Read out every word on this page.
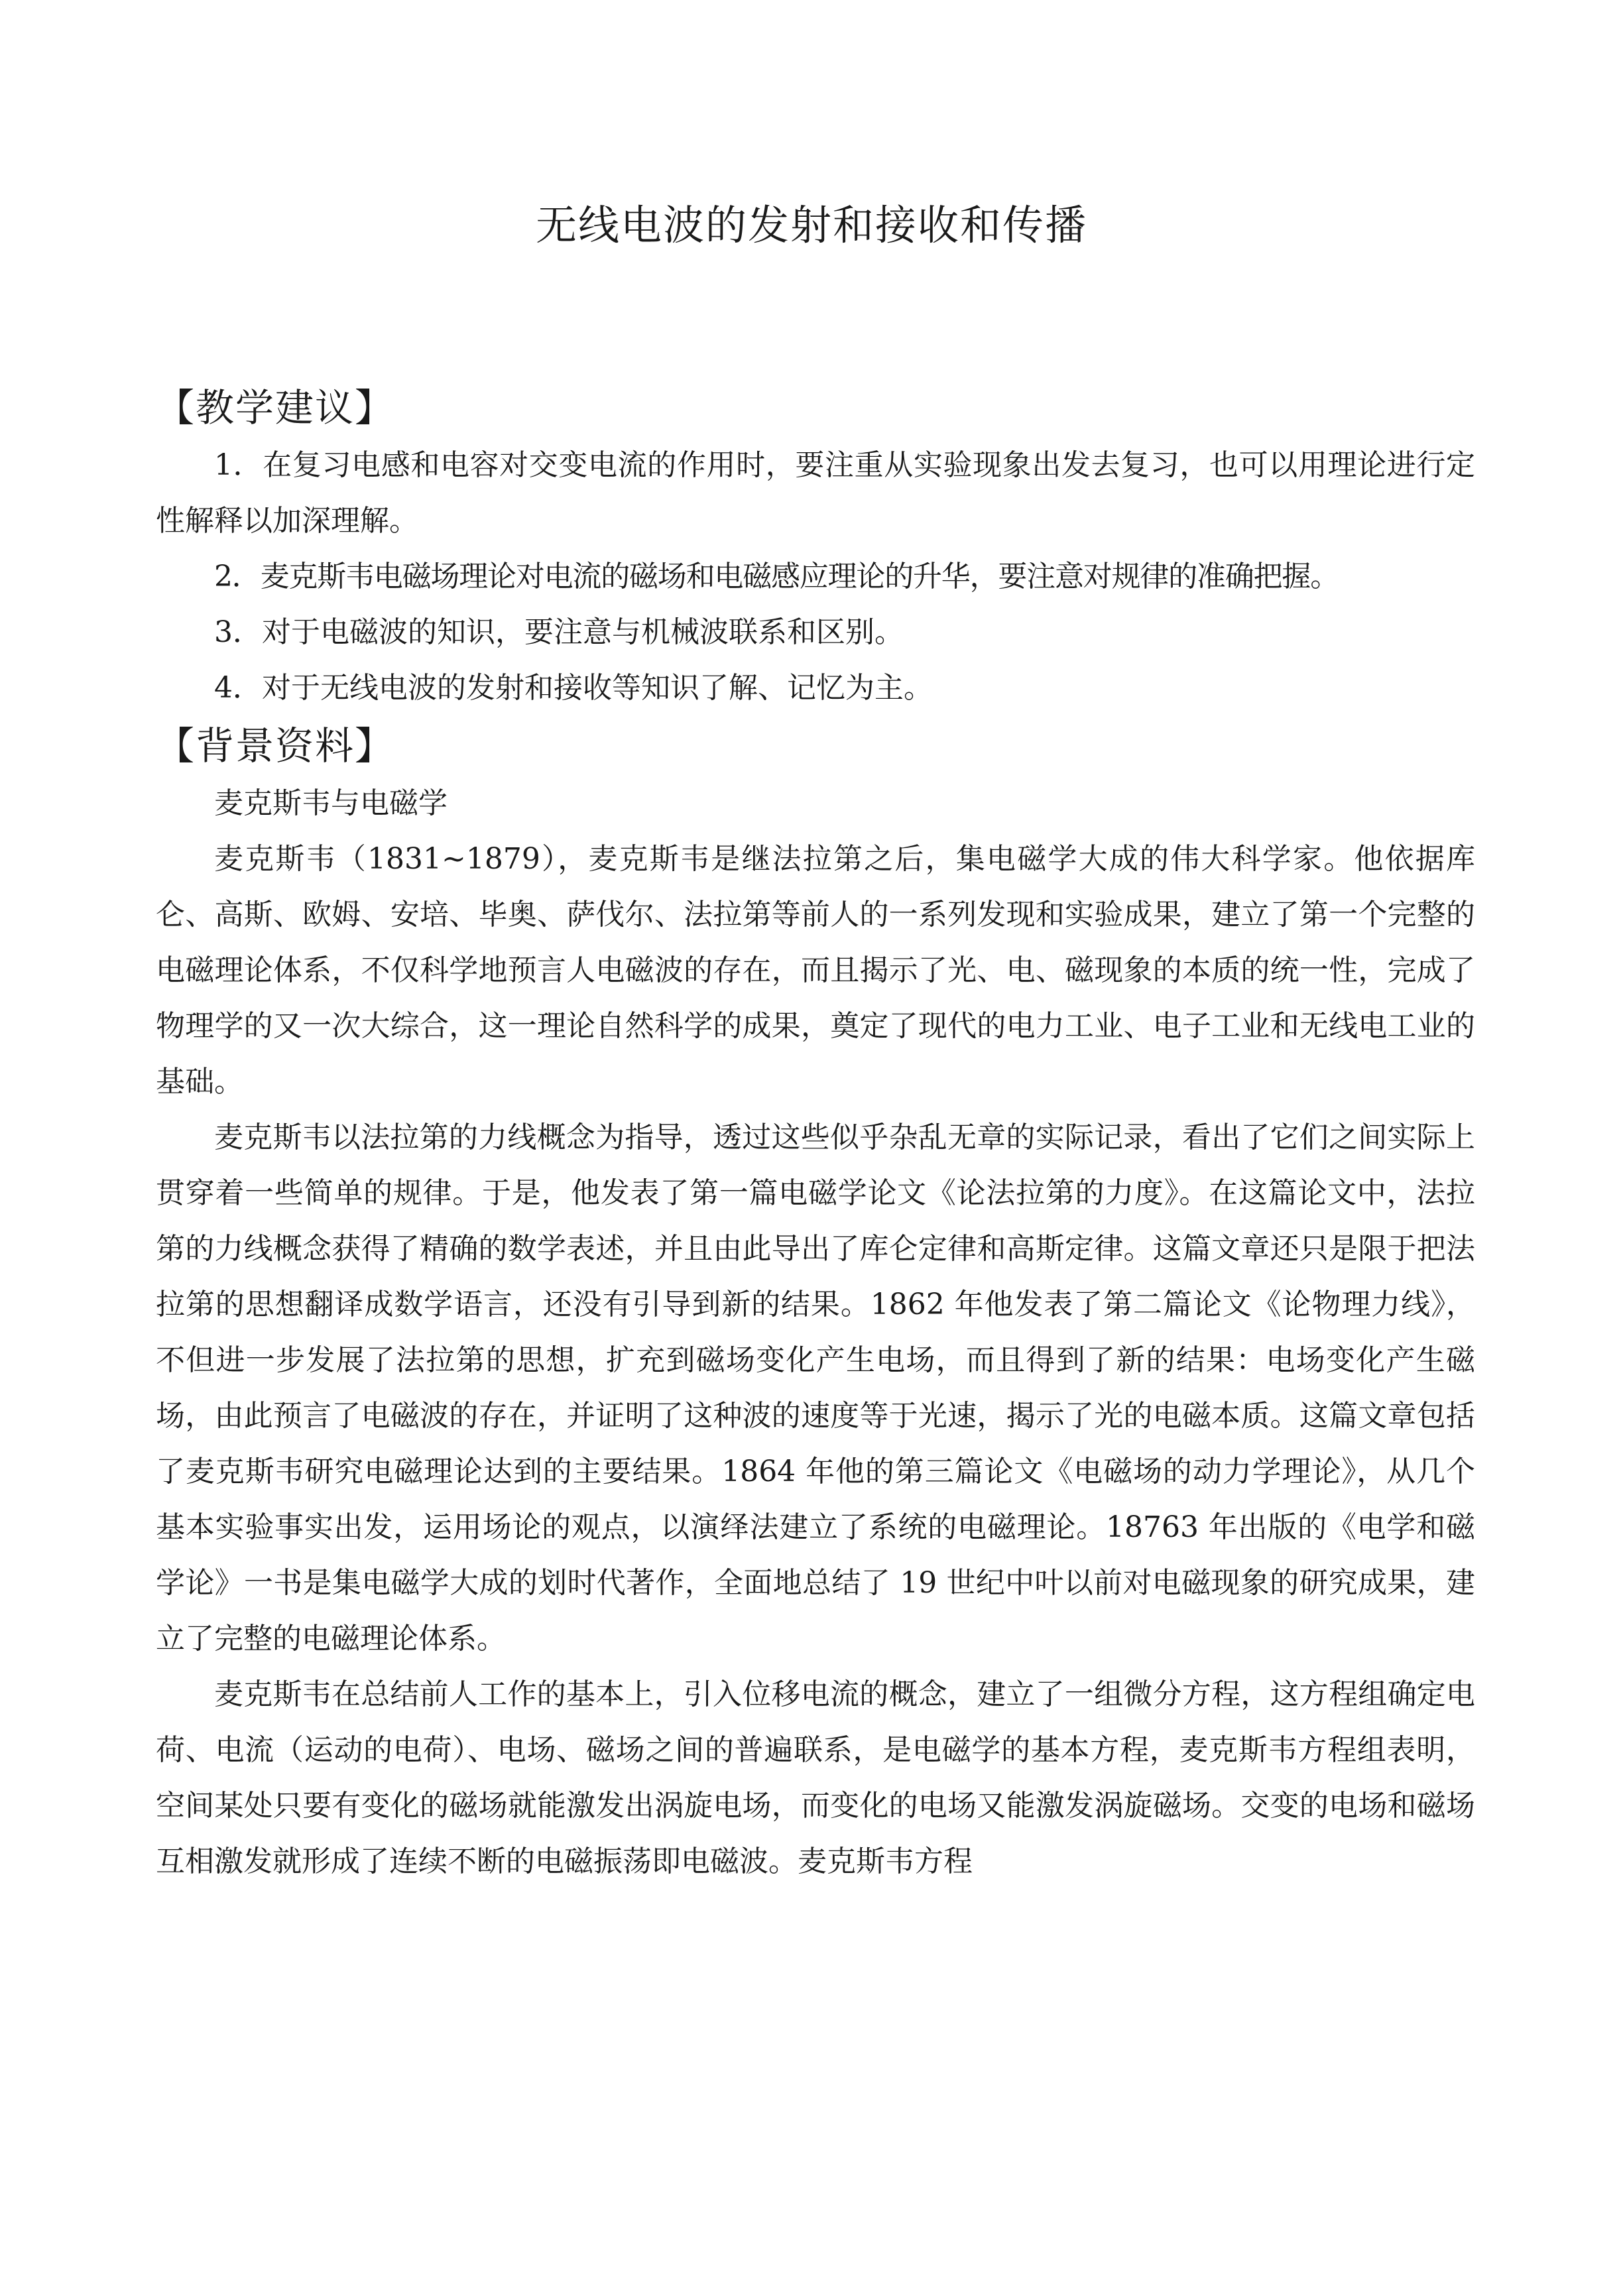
无线电波的发射和接收和传播
【教学建议】

1．在复习电感和电容对交变电流的作用时，要注重从实验现象出发去复习，也可以用理论进行定性解释以加深理解。

2．麦克斯韦电磁场理论对电流的磁场和电磁感应理论的升华，要注意对规律的准确把握。

3．对于电磁波的知识，要注意与机械波联系和区别。

4．对于无线电波的发射和接收等知识了解、记忆为主。

【背景资料】

麦克斯韦与电磁学

麦克斯韦（1831~1879），麦克斯韦是继法拉第之后，集电磁学大成的伟大科学家。他依据库仑、高斯、欧姆、安培、毕奥、萨伐尔、法拉第等前人的一系列发现和实验成果，建立了第一个完整的电磁理论体系，不仅科学地预言人电磁波的存在，而且揭示了光、电、磁现象的本质的统一性，完成了物理学的又一次大综合，这一理论自然科学的成果，奠定了现代的电力工业、电子工业和无线电工业的基础。

麦克斯韦以法拉第的力线概念为指导，透过这些似乎杂乱无章的实际记录，看出了它们之间实际上贯穿着一些简单的规律。于是，他发表了第一篇电磁学论文《论法拉第的力度》。在这篇论文中，法拉第的力线概念获得了精确的数学表述，并且由此导出了库仑定律和高斯定律。这篇文章还只是限于把法拉第的思想翻译成数学语言，还没有引导到新的结果。1862 年他发表了第二篇论文《论物理力线》，不但进一步发展了法拉第的思想，扩充到磁场变化产生电场，而且得到了新的结果：电场变化产生磁场，由此预言了电磁波的存在，并证明了这种波的速度等于光速，揭示了光的电磁本质。这篇文章包括了麦克斯韦研究电磁理论达到的主要结果。1864 年他的第三篇论文《电磁场的动力学理论》，从几个基本实验事实出发，运用场论的观点，以演绎法建立了系统的电磁理论。18763 年出版的《电学和磁学论》一书是集电磁学大成的划时代著作，全面地总结了 19 世纪中叶以前对电磁现象的研究成果，建立了完整的电磁理论体系。

麦克斯韦在总结前人工作的基本上，引入位移电流的概念，建立了一组微分方程，这方程组确定电荷、电流（运动的电荷）、电场、磁场之间的普遍联系，是电磁学的基本方程，麦克斯韦方程组表明，空间某处只要有变化的磁场就能激发出涡旋电场，而变化的电场又能激发涡旋磁场。交变的电场和磁场互相激发就形成了连续不断的电磁振荡即电磁波。麦克斯韦方程
